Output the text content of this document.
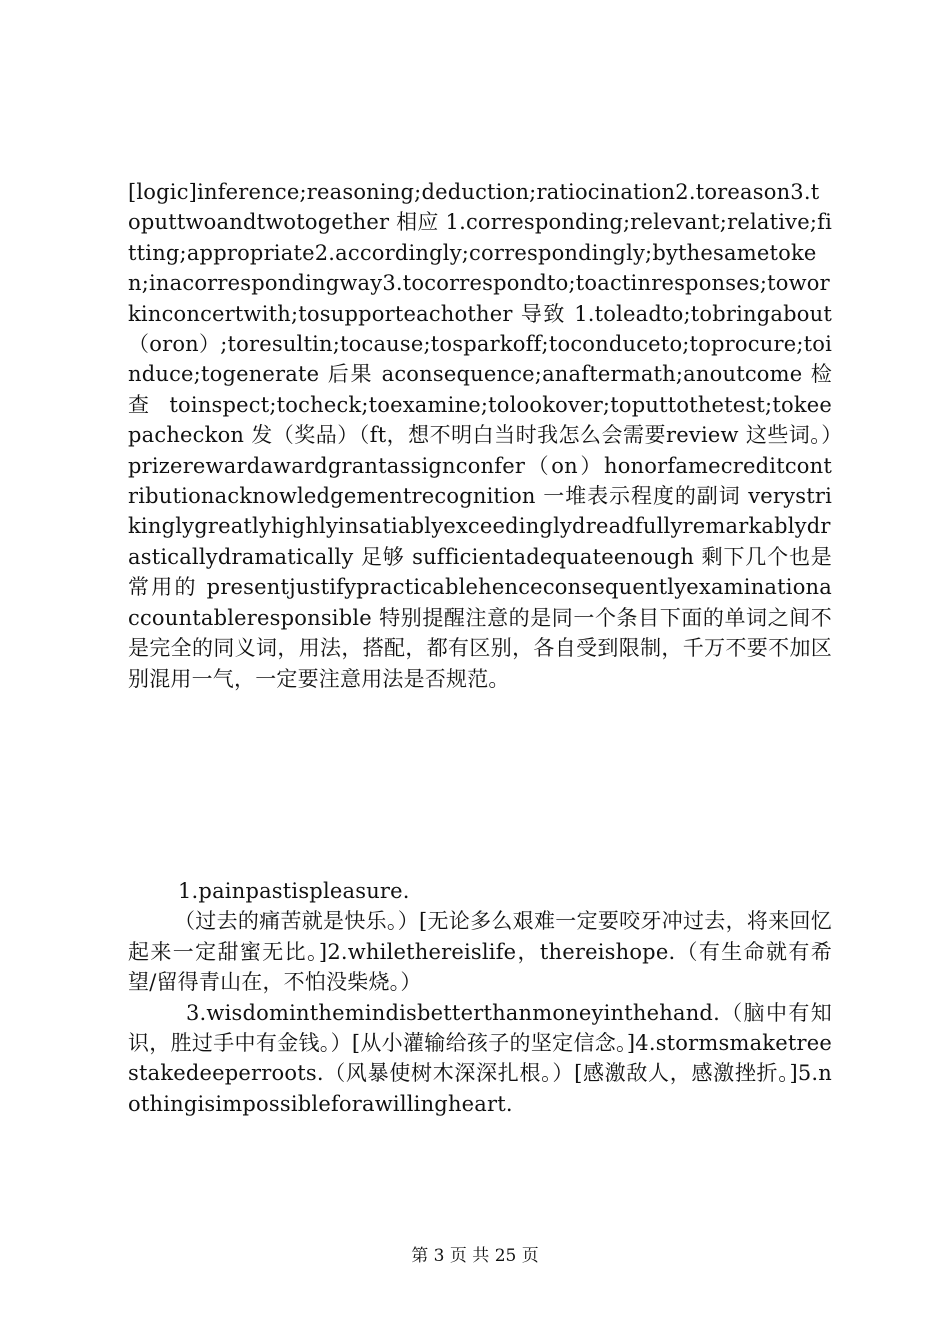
[logic]inference;reasoning;deduction;ratiocination2.toreason3.toputtwoandtwotogether 相应 1.corresponding;relevant;relative;fitting;appropriate2.accordingly;correspondingly;bythesametoken;inacorrespondingway3.tocorrespondto;toactinresponses;toworkinconcertwith;tosupporteachother 导致 1.toleadto;tobringabout（oron）;toresultin;tocause;tosparkoff;toconduceto;toprocure;toinduce;togenerate 后果 aconsequence;anaftermath;anoutcome 检查 toinspect;tocheck;toexamine;tolookover;toputtothetest;tokeepacheckon 发（奖品）（ft，想不明白当时我怎么会需要review 这些词。）prizerewardawardgrantassignconfer（on）honorfamecreditcontributionacknowledgementrecognition 一堆表示程度的副词 verystrikinglygreatlyhighlyinsatiablyexceedinglydreadfullyremarkablydrasticallydramatically 足够 sufficientadequateenough 剩下几个也是常用的 presentjustifypracticablehenceconsequentlyexaminationaccountableresponsible 特别提醒注意的是同一个条目下面的单词之间不是完全的同义词，用法，搭配，都有区别，各自受到限制，千万不要不加区别混用一气，一定要注意用法是否规范。

1.painpastispleasure.

（过去的痛苦就是快乐。）[无论多么艰难一定要咬牙冲过去，将来回忆起来一定甜蜜无比。]2.whilethereislife，thereishope.（有生命就有希望/留得青山在，不怕没柴烧。）

3.wisdominthemindisbetterthanmoneyinthehand.（脑中有知识，胜过手中有金钱。）[从小灌输给孩子的坚定信念。]4.stormsmaketreestakedeeperroots.（风暴使树木深深扎根。）[感激敌人，感激挫折。]5.nothingisimpossibleforawillingheart.

第 3 页 共 25 页
